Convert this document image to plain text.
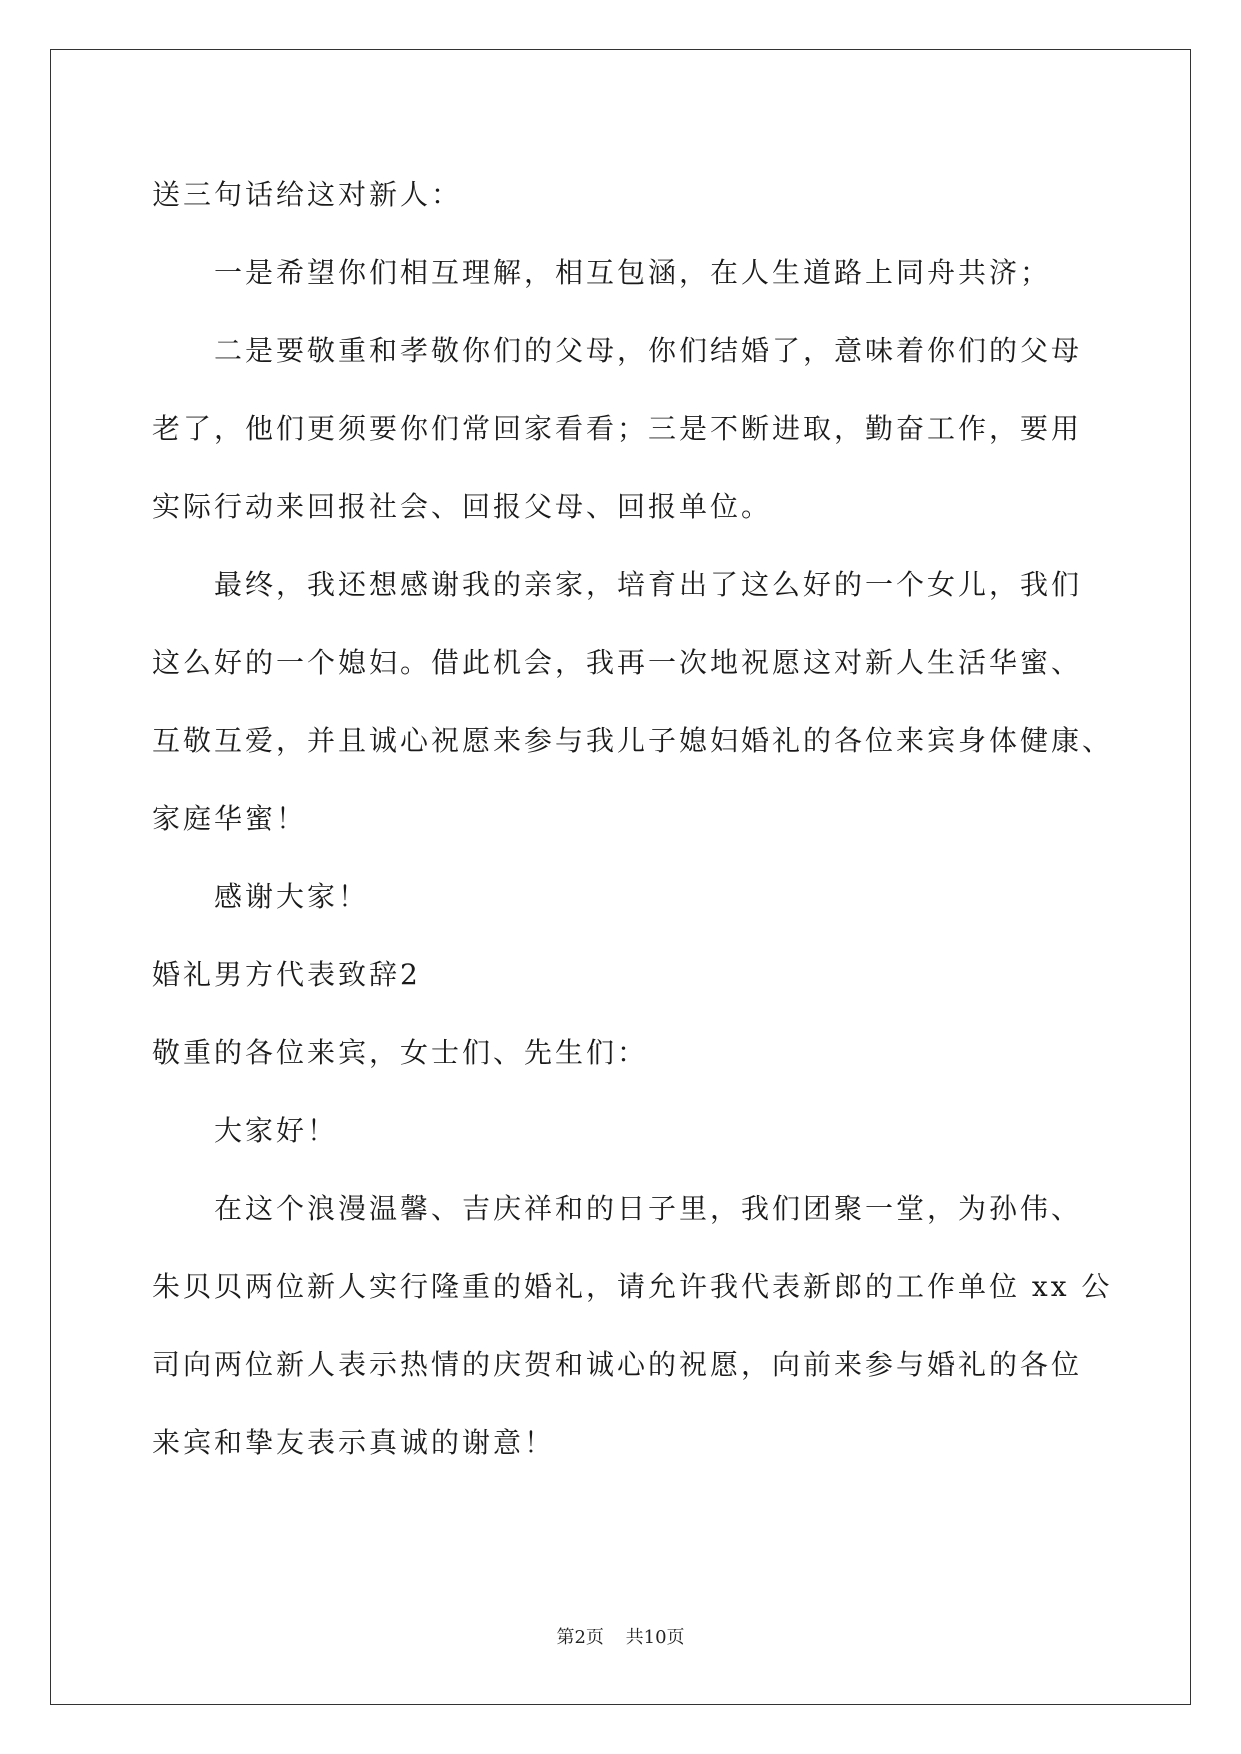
送三句话给这对新人：
一是希望你们相互理解，相互包涵，在人生道路上同舟共济；
二是要敬重和孝敬你们的父母，你们结婚了，意味着你们的父母
老了，他们更须要你们常回家看看；三是不断进取，勤奋工作，要用
实际行动来回报社会、回报父母、回报单位。
最终，我还想感谢我的亲家，培育出了这么好的一个女儿，我们
这么好的一个媳妇。借此机会，我再一次地祝愿这对新人生活华蜜、
互敬互爱，并且诚心祝愿来参与我儿子媳妇婚礼的各位来宾身体健康、
家庭华蜜！
感谢大家！
婚礼男方代表致辞2
敬重的各位来宾，女士们、先生们：
大家好！
在这个浪漫温馨、吉庆祥和的日子里，我们团聚一堂，为孙伟、
朱贝贝两位新人实行隆重的婚礼，请允许我代表新郎的工作单位 xx 公
司向两位新人表示热情的庆贺和诚心的祝愿，向前来参与婚礼的各位
来宾和挚友表示真诚的谢意！
第2页 共10页
